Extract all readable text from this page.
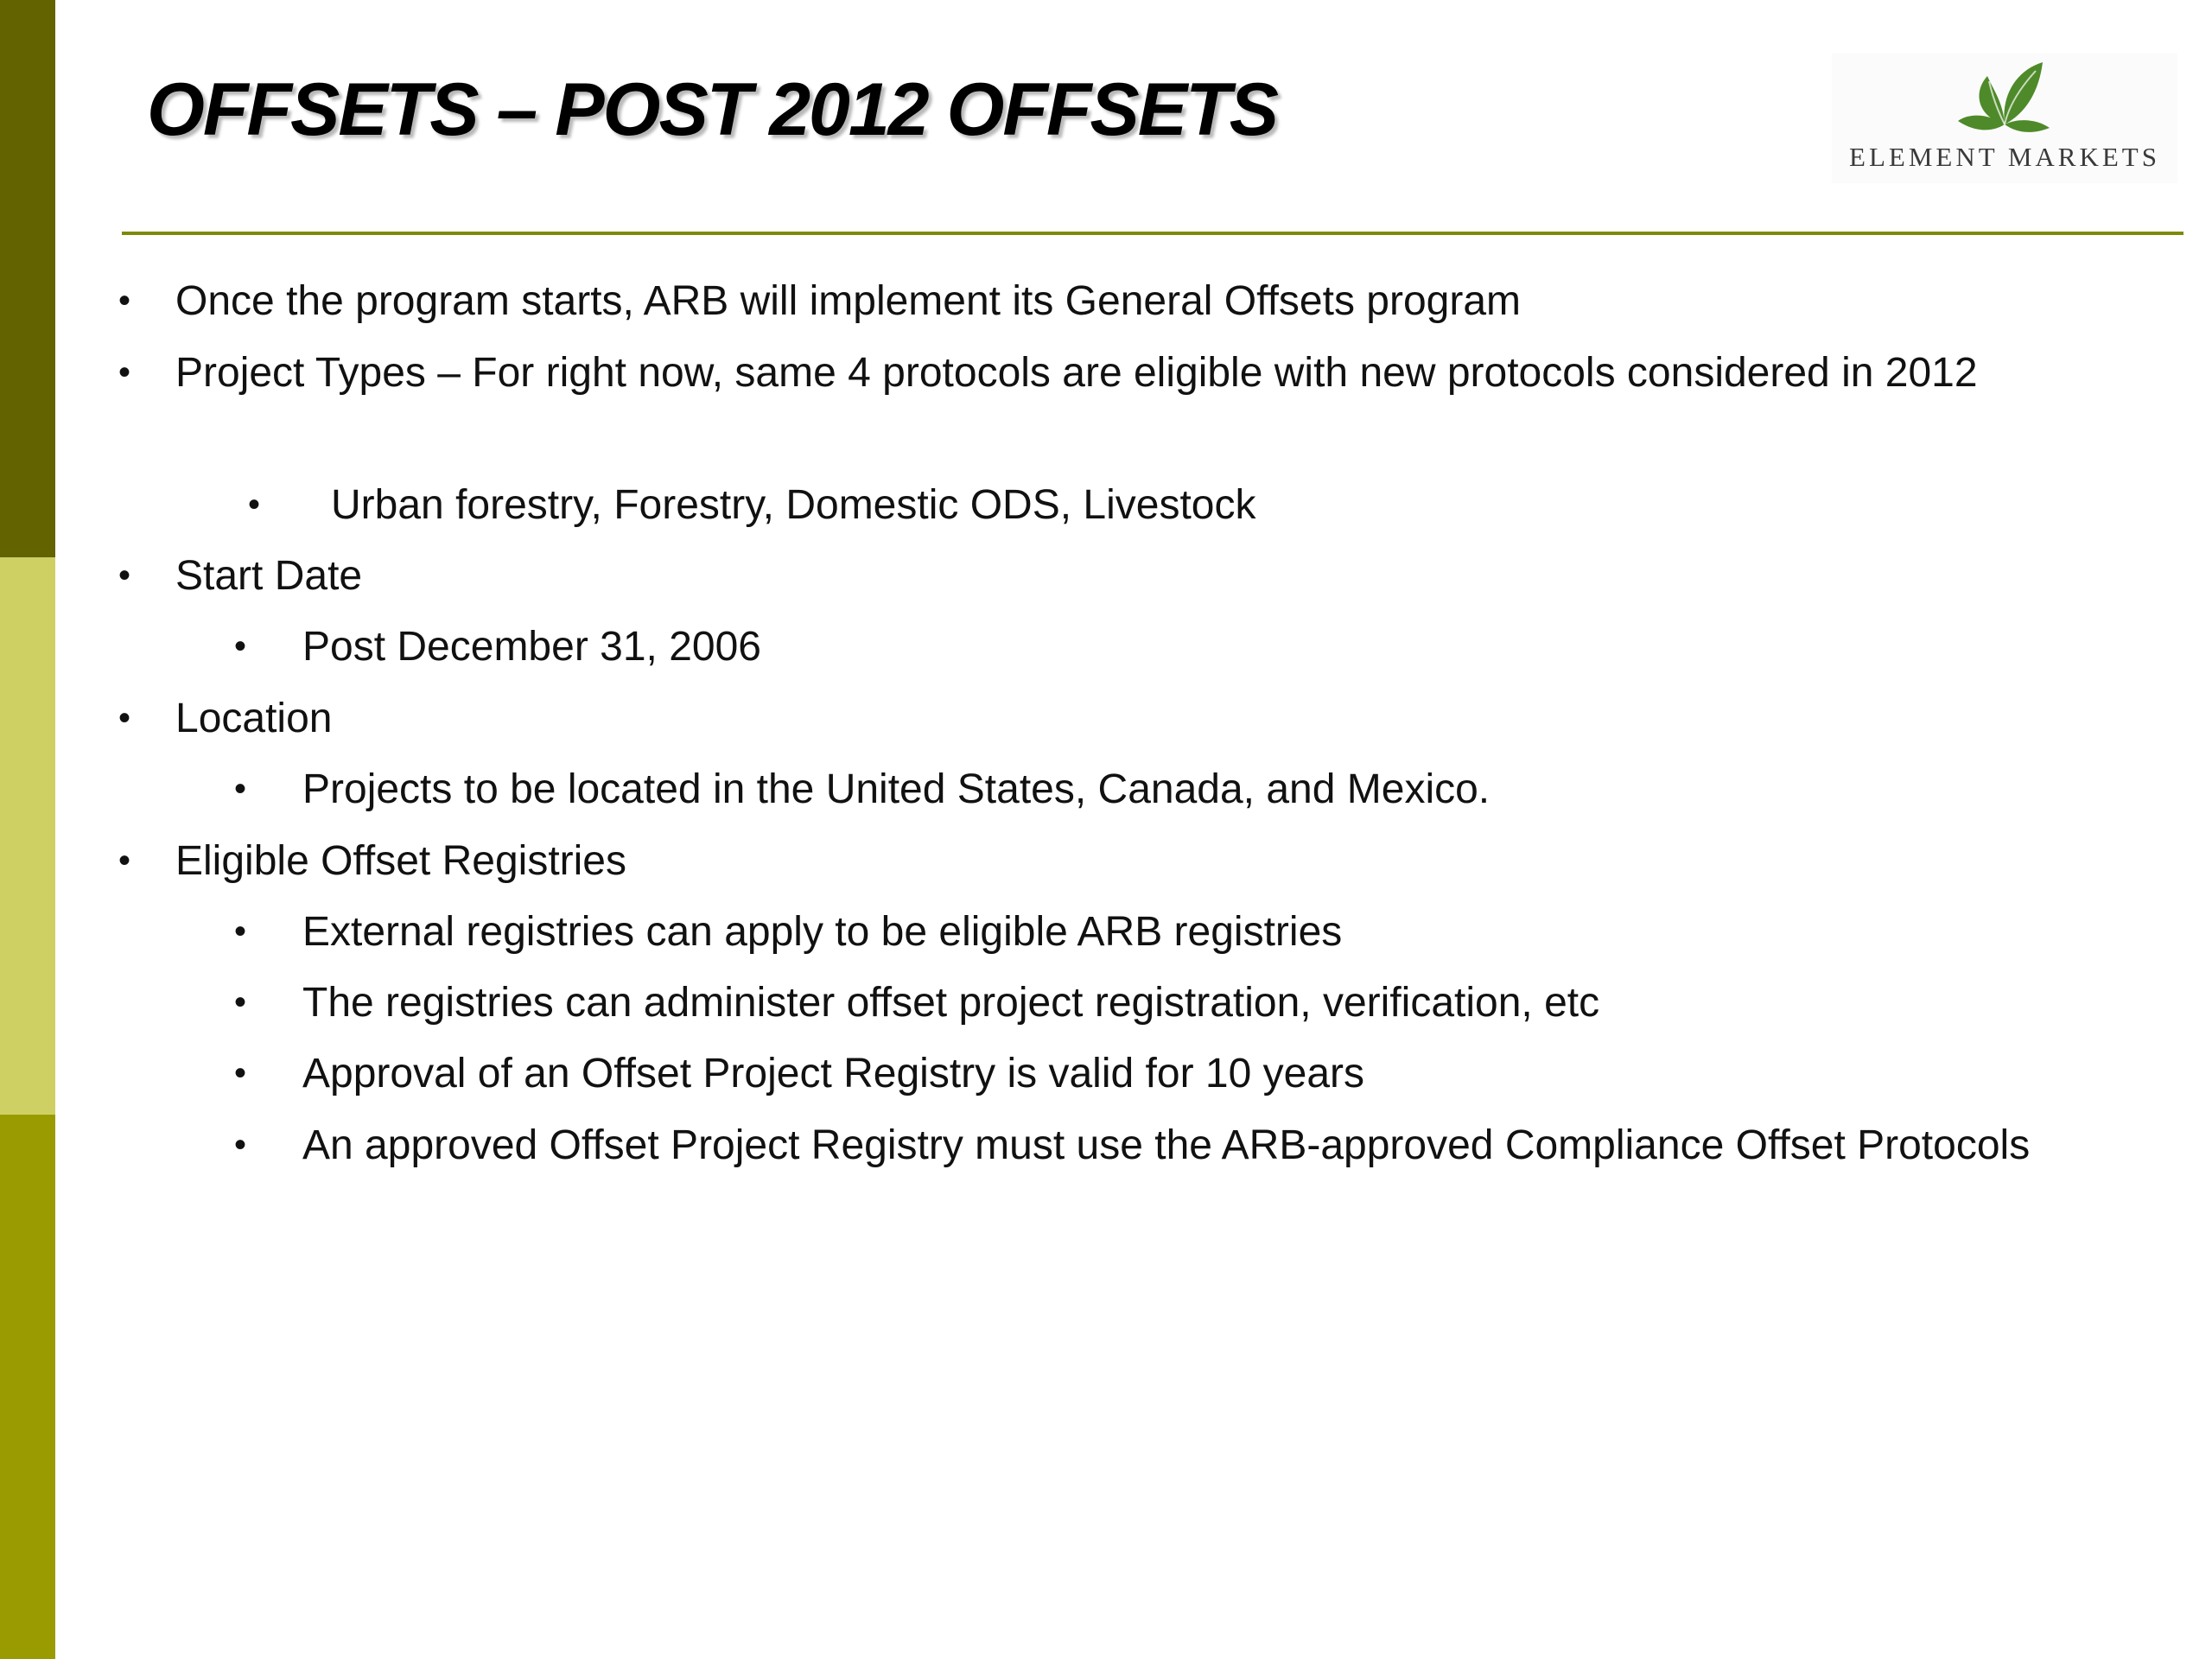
OFFSETS – POST 2012 OFFSETS
ELEMENT MARKETS
• Once the program starts, ARB will implement its General Offsets program
• Project Types – For right now, same 4 protocols are eligible with new protocols considered in 2012
• Urban forestry, Forestry, Domestic ODS, Livestock
• Start Date
• Post December 31, 2006
• Location
• Projects to be located in the United States, Canada, and Mexico.
• Eligible Offset Registries
• External registries can apply to be eligible ARB registries
• The registries can administer offset project registration, verification, etc
• Approval of an Offset Project Registry is valid for 10 years
• An approved Offset Project Registry must use the ARB-approved Compliance Offset Protocols
